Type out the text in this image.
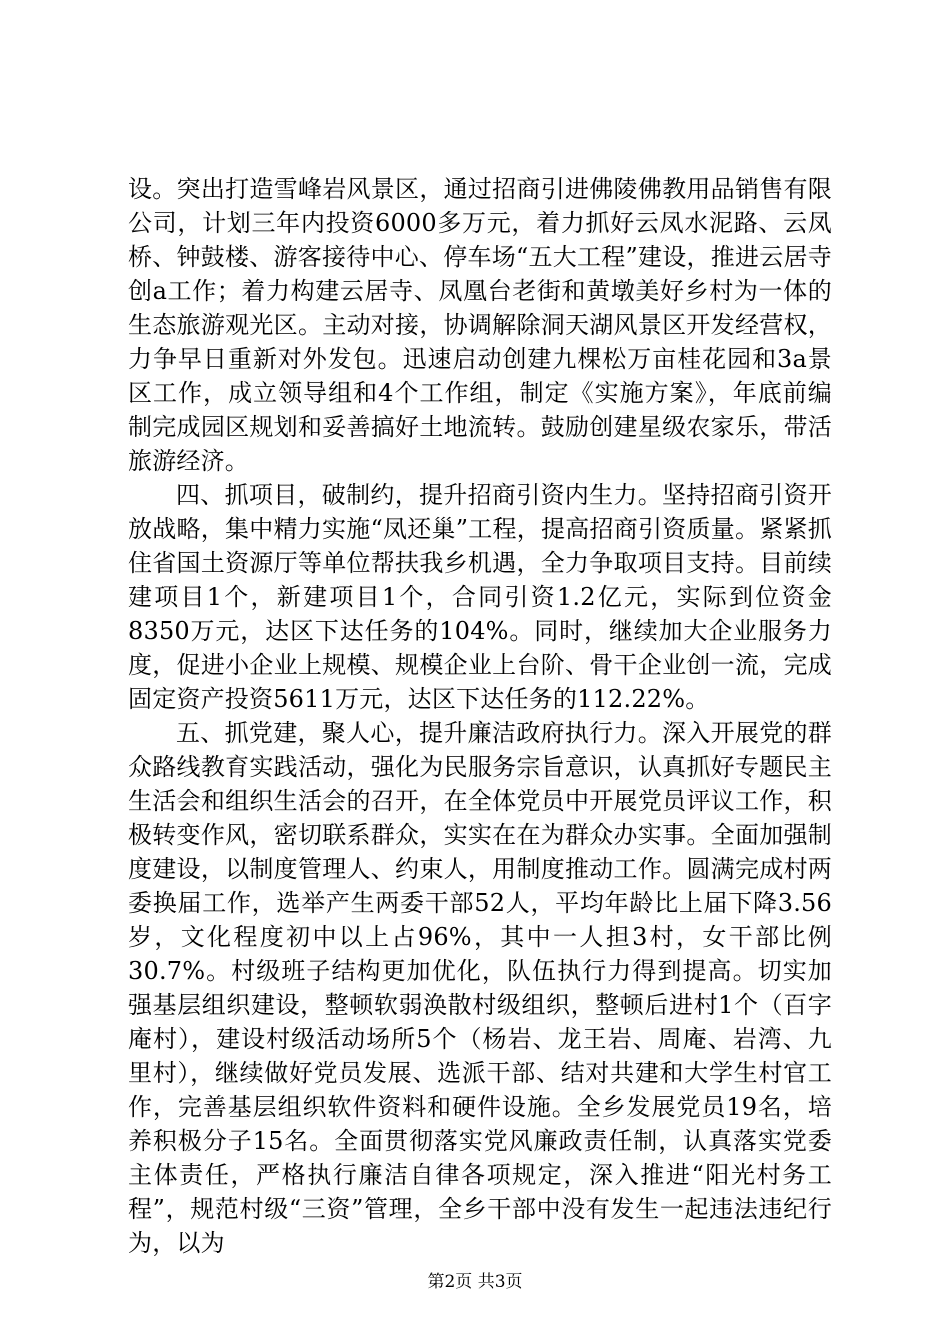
设。突出打造雪峰岩风景区，通过招商引进佛陵佛教用品销售有限公司，计划三年内投资6000多万元，着力抓好云凤水泥路、云凤桥、钟鼓楼、游客接待中心、停车场“五大工程”建设，推进云居寺创a工作；着力构建云居寺、凤凰台老街和黄墩美好乡村为一体的生态旅游观光区。主动对接，协调解除洞天湖风景区开发经营权，力争早日重新对外发包。迅速启动创建九棵松万亩桂花园和3a景区工作，成立领导组和4个工作组，制定《实施方案》，年底前编制完成园区规划和妥善搞好土地流转。鼓励创建星级农家乐，带活旅游经济。

四、抓项目，破制约，提升招商引资内生力。坚持招商引资开放战略，集中精力实施“凤还巢”工程，提高招商引资质量。紧紧抓住省国土资源厅等单位帮扶我乡机遇，全力争取项目支持。目前续建项目1个，新建项目1个，合同引资1.2亿元，实际到位资金8350万元，达区下达任务的104%。同时，继续加大企业服务力度，促进小企业上规模、规模企业上台阶、骨干企业创一流，完成固定资产投资5611万元，达区下达任务的112.22%。

五、抓党建，聚人心，提升廉洁政府执行力。深入开展党的群众路线教育实践活动，强化为民服务宗旨意识，认真抓好专题民主生活会和组织生活会的召开，在全体党员中开展党员评议工作，积极转变作风，密切联系群众，实实在在为群众办实事。全面加强制度建设，以制度管理人、约束人，用制度推动工作。圆满完成村两委换届工作，选举产生两委干部52人，平均年龄比上届下降3.56岁，文化程度初中以上占96%，其中一人担3村，女干部比例30.7%。村级班子结构更加优化，队伍执行力得到提高。切实加强基层组织建设，整顿软弱涣散村级组织，整顿后进村1个（百字庵村），建设村级活动场所5个（杨岩、龙王岩、周庵、岩湾、九里村），继续做好党员发展、选派干部、结对共建和大学生村官工作，完善基层组织软件资料和硬件设施。全乡发展党员19名，培养积极分子15名。全面贯彻落实党风廉政责任制，认真落实党委主体责任，严格执行廉洁自律各项规定，深入推进“阳光村务工程”，规范村级“三资”管理，全乡干部中没有发生一起违法违纪行为，以为

第2页 共3页
